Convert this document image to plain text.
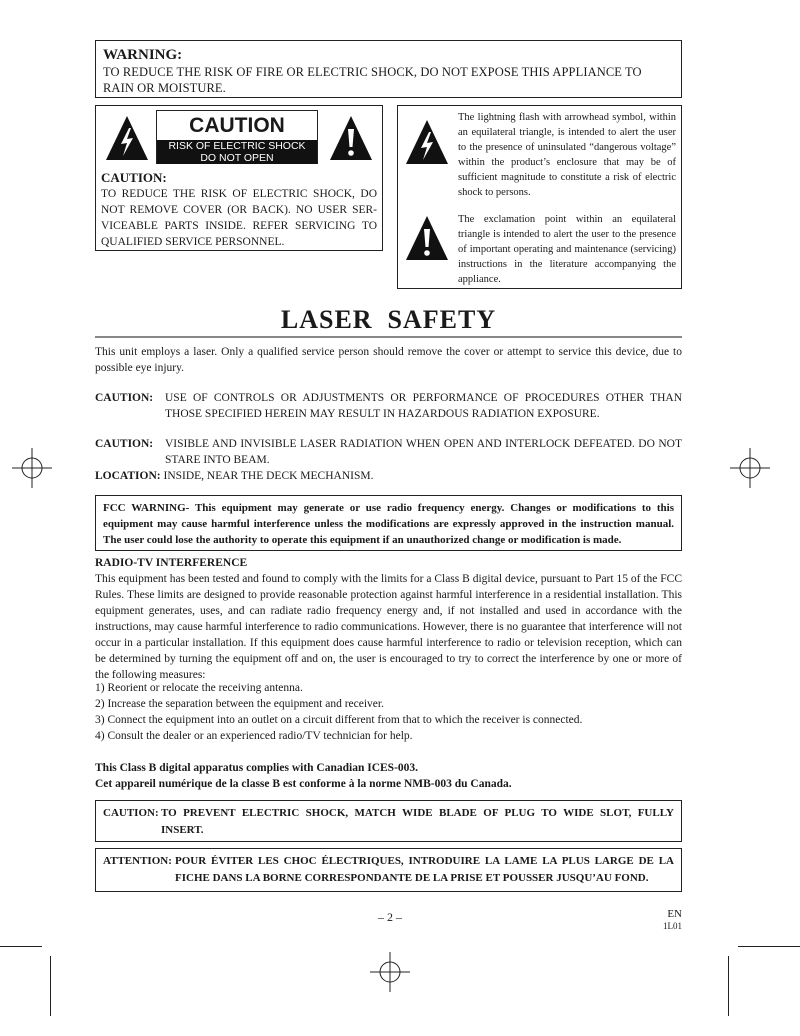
WARNING:
TO REDUCE THE RISK OF FIRE OR ELECTRIC SHOCK, DO NOT EXPOSE THIS APPLIANCE TO RAIN OR MOISTURE.
CAUTION
RISK OF ELECTRIC SHOCK
DO NOT OPEN
CAUTION:
TO REDUCE THE RISK OF ELECTRIC SHOCK, DO NOT REMOVE COVER (OR BACK). NO USER SER-VICEABLE PARTS INSIDE. REFER SERVICING TO QUALIFIED SERVICE PERSONNEL.
The lightning flash with arrowhead symbol, within an equilateral triangle, is intended to alert the user to the presence of uninsulated “dangerous voltage” within the product’s enclosure that may be of sufficient magnitude to constitute a risk of electric shock to persons.
The exclamation point within an equilateral triangle is intended to alert the user to the presence of important operating and maintenance (servicing) instructions in the literature accompanying the appliance.
LASER  SAFETY
This unit employs a laser. Only a qualified service person should remove the cover or attempt to service this device, due to possible eye injury.
CAUTION: USE OF CONTROLS OR ADJUSTMENTS OR PERFORMANCE OF PROCEDURES OTHER THAN THOSE SPECIFIED HEREIN MAY RESULT IN HAZARDOUS RADIATION EXPOSURE.
CAUTION: VISIBLE AND INVISIBLE LASER RADIATION WHEN OPEN AND INTERLOCK DEFEATED. DO NOT STARE INTO BEAM.
LOCATION: INSIDE, NEAR THE DECK MECHANISM.
FCC WARNING- This equipment may generate or use radio frequency energy. Changes or modifications to this equipment may cause harmful interference unless the modifications are expressly approved in the instruction manual. The user could lose the authority to operate this equipment if an unauthorized change or modification is made.
RADIO-TV INTERFERENCE
This equipment has been tested and found to comply with the limits for a Class B digital device, pursuant to Part 15 of the FCC Rules. These limits are designed to provide reasonable protection against harmful interference in a residential installation. This equipment generates, uses, and can radiate radio frequency energy and, if not installed and used in accordance with the instructions, may cause harmful interference to radio communications. However, there is no guarantee that interference will not occur in a particular installation. If this equipment does cause harmful interference to radio or television reception, which can be determined by turning the equipment off and on, the user is encouraged to try to correct the interference by one or more of the following measures:
1) Reorient or relocate the receiving antenna.
2) Increase the separation between the equipment and receiver.
3) Connect the equipment into an outlet on a circuit different from that to which the receiver is connected.
4) Consult the dealer or an experienced radio/TV technician for help.
This Class B digital apparatus complies with Canadian ICES-003.
Cet appareil numérique de la classe B est conforme à la norme NMB-003 du Canada.
CAUTION: TO PREVENT ELECTRIC SHOCK, MATCH WIDE BLADE OF PLUG TO WIDE SLOT, FULLY INSERT.
ATTENTION: POUR ÉVITER LES CHOC ÉLECTRIQUES, INTRODUIRE LA LAME LA PLUS LARGE DE LA FICHE DANS LA BORNE CORRESPONDANTE DE LA PRISE ET POUSSER JUSQU’AU FOND.
– 2 –	EN
1L01
